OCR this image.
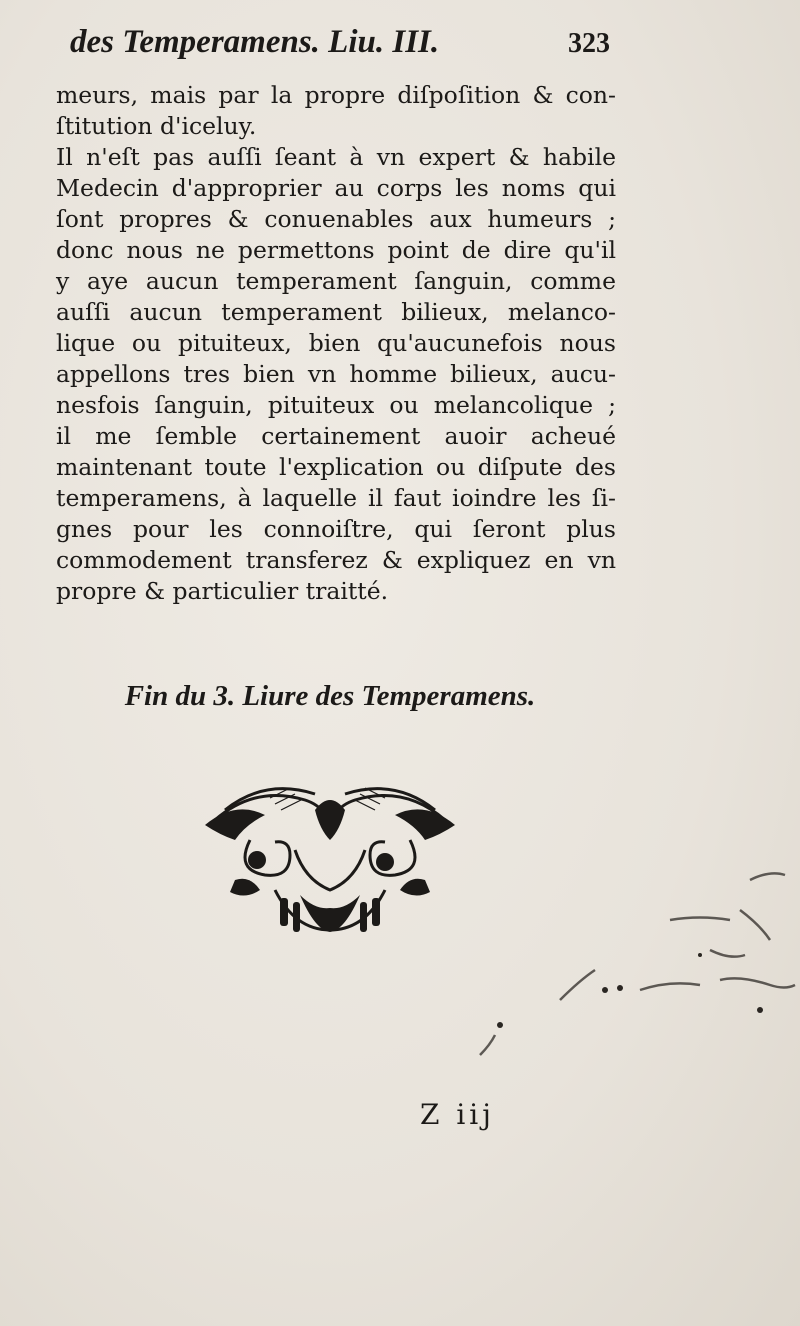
des Temperamens. Liu. III.	323
meurs, mais par la propre diſpoſition & con-
ſtitution d'iceluy.
Il n'eſt pas auſſi ſeant à vn expert & habile
Medecin d'approprier au corps les noms qui
ſont propres & conuenables aux humeurs ;
donc nous ne permettons point de dire qu'il
y aye aucun temperament ſanguin, comme
auſſi aucun temperament bilieux, melanco-
lique ou pituiteux, bien qu'aucunefois nous
appellons tres bien vn homme bilieux, aucu-
nesfois ſanguin, pituiteux ou melancolique ;
il me ſemble certainement auoir acheué
maintenant toute l'explication ou diſpute des
temperamens, à laquelle il faut ioindre les ſi-
gnes pour les connoiſtre, qui ſeront plus
commodement transferez & expliquez en vn
propre & particulier traitté.
Fin du 3. Liure des Temperamens.
Z iij
